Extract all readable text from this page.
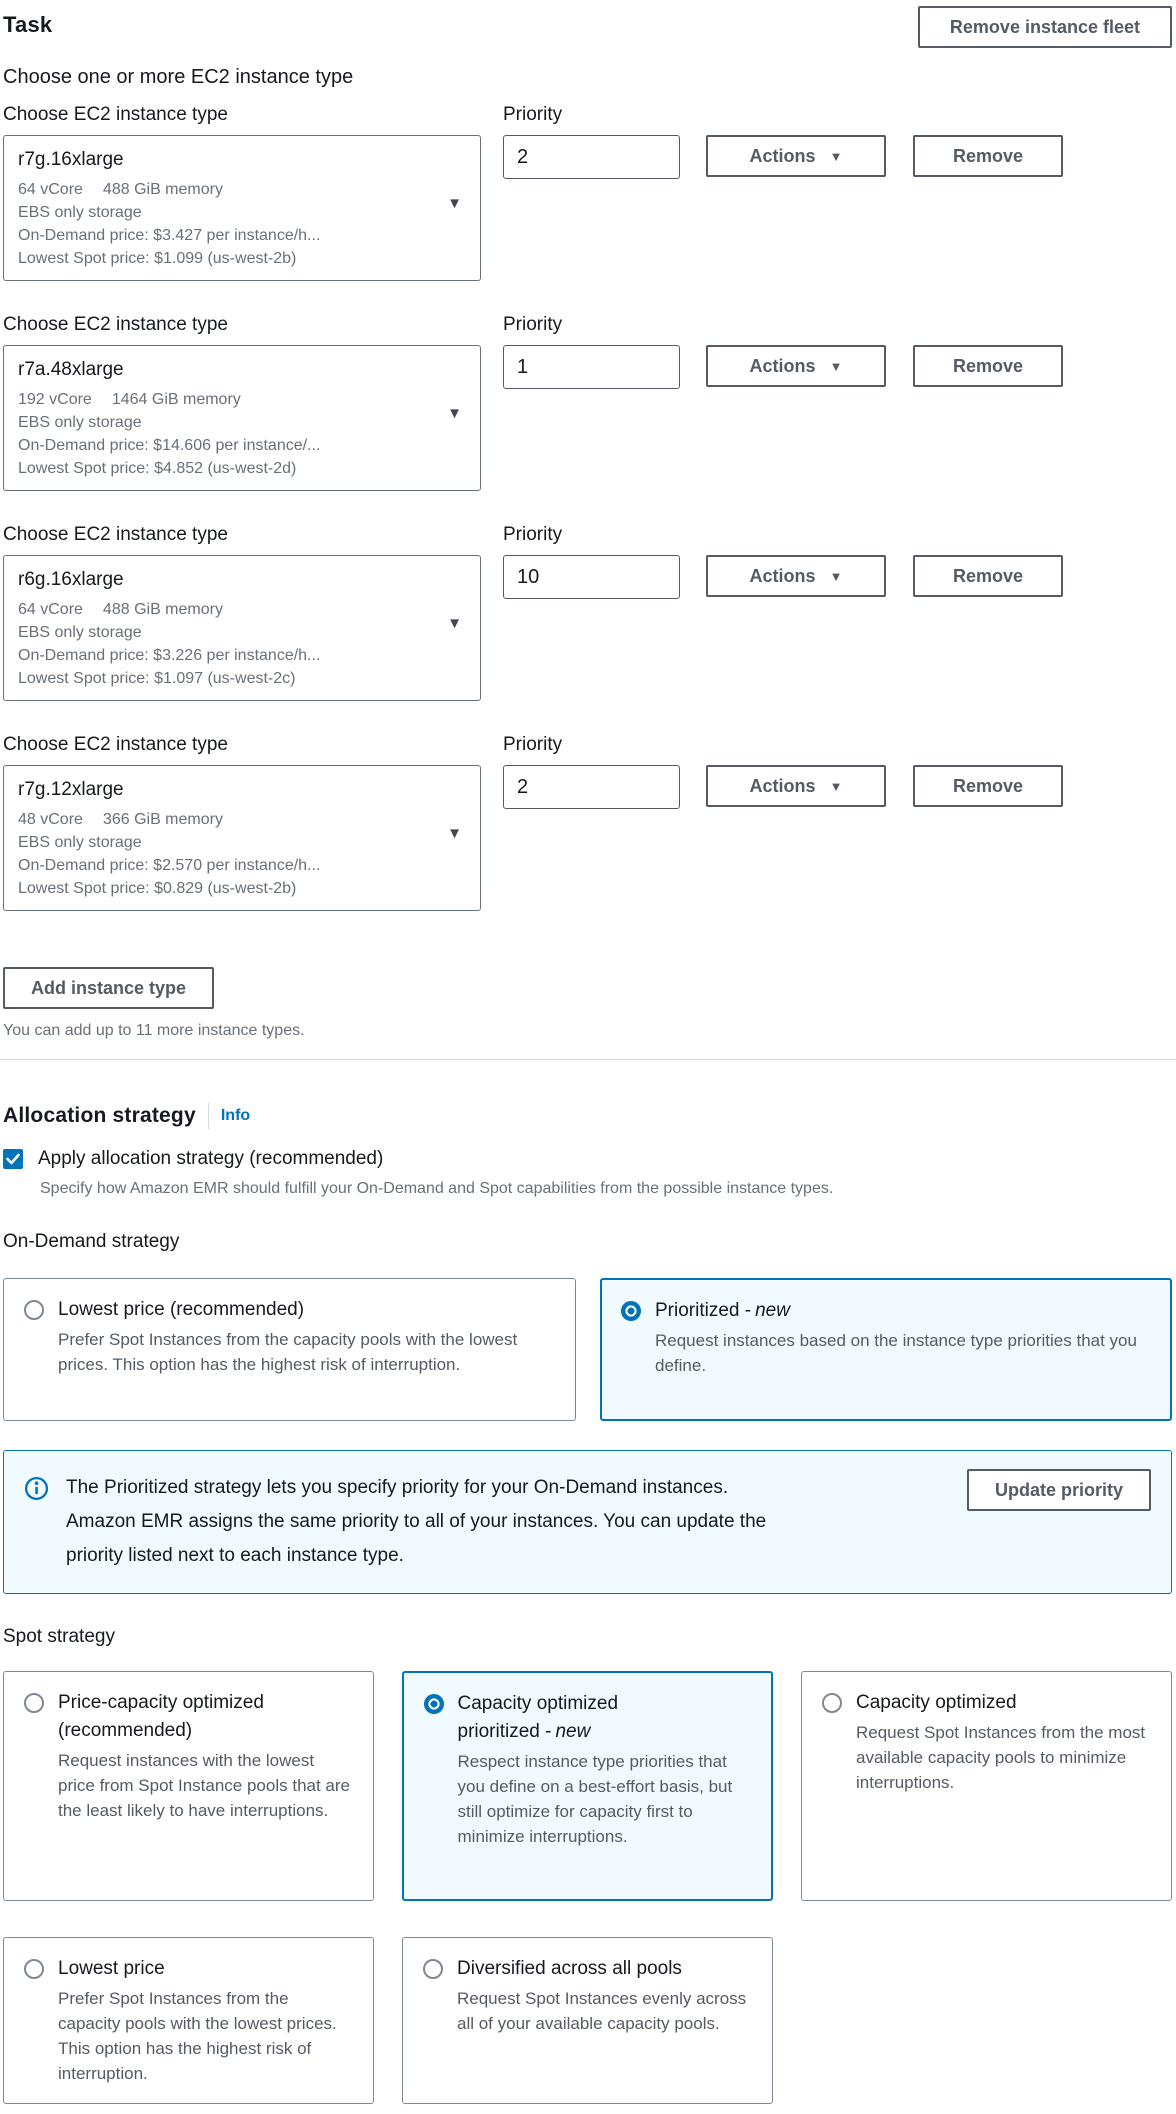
Task	Remove instance fleet
Choose one or more EC2 instance type
Choose EC2 instance type	Priority
r7g.16xlarge
64 vCore 488 GiB memory
EBS only storage
On-Demand price: $3.427 per instance/h...
Lowest Spot price: $1.099 (us-west-2b)
▼
2
Actions ▼	Remove
Choose EC2 instance type	Priority
r7a.48xlarge
192 vCore 1464 GiB memory
EBS only storage
On-Demand price: $14.606 per instance/...
Lowest Spot price: $4.852 (us-west-2d)
▼
1
Actions ▼	Remove
Choose EC2 instance type	Priority
r6g.16xlarge
64 vCore 488 GiB memory
EBS only storage
On-Demand price: $3.226 per instance/h...
Lowest Spot price: $1.097 (us-west-2c)
▼
10
Actions ▼	Remove
Choose EC2 instance type	Priority
r7g.12xlarge
48 vCore 366 GiB memory
EBS only storage
On-Demand price: $2.570 per instance/h...
Lowest Spot price: $0.829 (us-west-2b)
▼
2
Actions ▼	Remove
Add instance type
You can add up to 11 more instance types.
Allocation strategy Info
Apply allocation strategy (recommended)
Specify how Amazon EMR should fulfill your On-Demand and Spot capabilities from the possible instance types.
On-Demand strategy
Lowest price (recommended)
Prefer Spot Instances from the capacity pools with the lowest prices. This option has the highest risk of interruption.
Prioritized - new
Request instances based on the instance type priorities that you define.

The Prioritized strategy lets you specify priority for your On-Demand instances. Amazon EMR assigns the same priority to all of your instances. You can update the priority listed next to each instance type.

Update priority
Spot strategy
Price-capacity optimized (recommended)
Request instances with the lowest price from Spot Instance pools that are the least likely to have interruptions.
Capacity optimized prioritized - new
Respect instance type priorities that you define on a best-effort basis, but still optimize for capacity first to minimize interruptions.
Capacity optimized
Request Spot Instances from the most available capacity pools to minimize interruptions.
Lowest price
Prefer Spot Instances from the capacity pools with the lowest prices. This option has the highest risk of interruption.
Diversified across all pools
Request Spot Instances evenly across all of your available capacity pools.
